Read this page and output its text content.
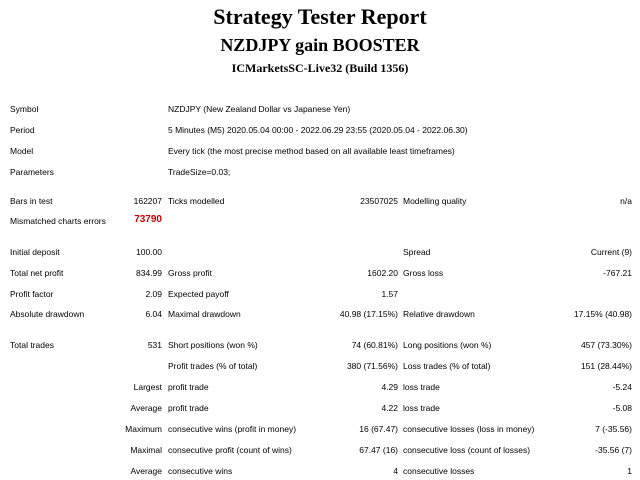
Strategy Tester Report
NZDJPY gain BOOSTER
ICMarketsSC-Live32 (Build 1356)
Symbol	NZDJPY (New Zealand Dollar vs Japanese Yen)
Period	5 Minutes (M5) 2020.05.04 00:00 - 2022.06.29 23:55 (2020.05.04 - 2022.06.30)
Model	Every tick (the most precise method based on all available least timeframes)
Parameters	TradeSize=0.03;
Bars in test	162207 Ticks modelled	23507025 Modelling quality	n/a
Mismatched charts errors	73790
Initial deposit	100.00	Spread	Current (9)
Total net profit	834.99 Gross profit	1602.20 Gross loss	-767.21
Profit factor	2.09 Expected payoff	1.57
Absolute drawdown	6.04 Maximal drawdown	40.98 (17.15%) Relative drawdown	17.15% (40.98)
Total trades	531 Short positions (won %)	74 (60.81%) Long positions (won %)	457 (73.30%)
Profit trades (% of total)	380 (71.56%) Loss trades (% of total)	151 (28.44%)
Largest profit trade	4.29 loss trade	-5.24
Average profit trade	4.22 loss trade	-5.08
Maximum consecutive wins (profit in money)	16 (67.47) consecutive losses (loss in money)	7 (-35.56)
Maximal consecutive profit (count of wins)	67.47 (16) consecutive loss (count of losses)	-35.56 (7)
Average consecutive wins	4 consecutive losses	1
